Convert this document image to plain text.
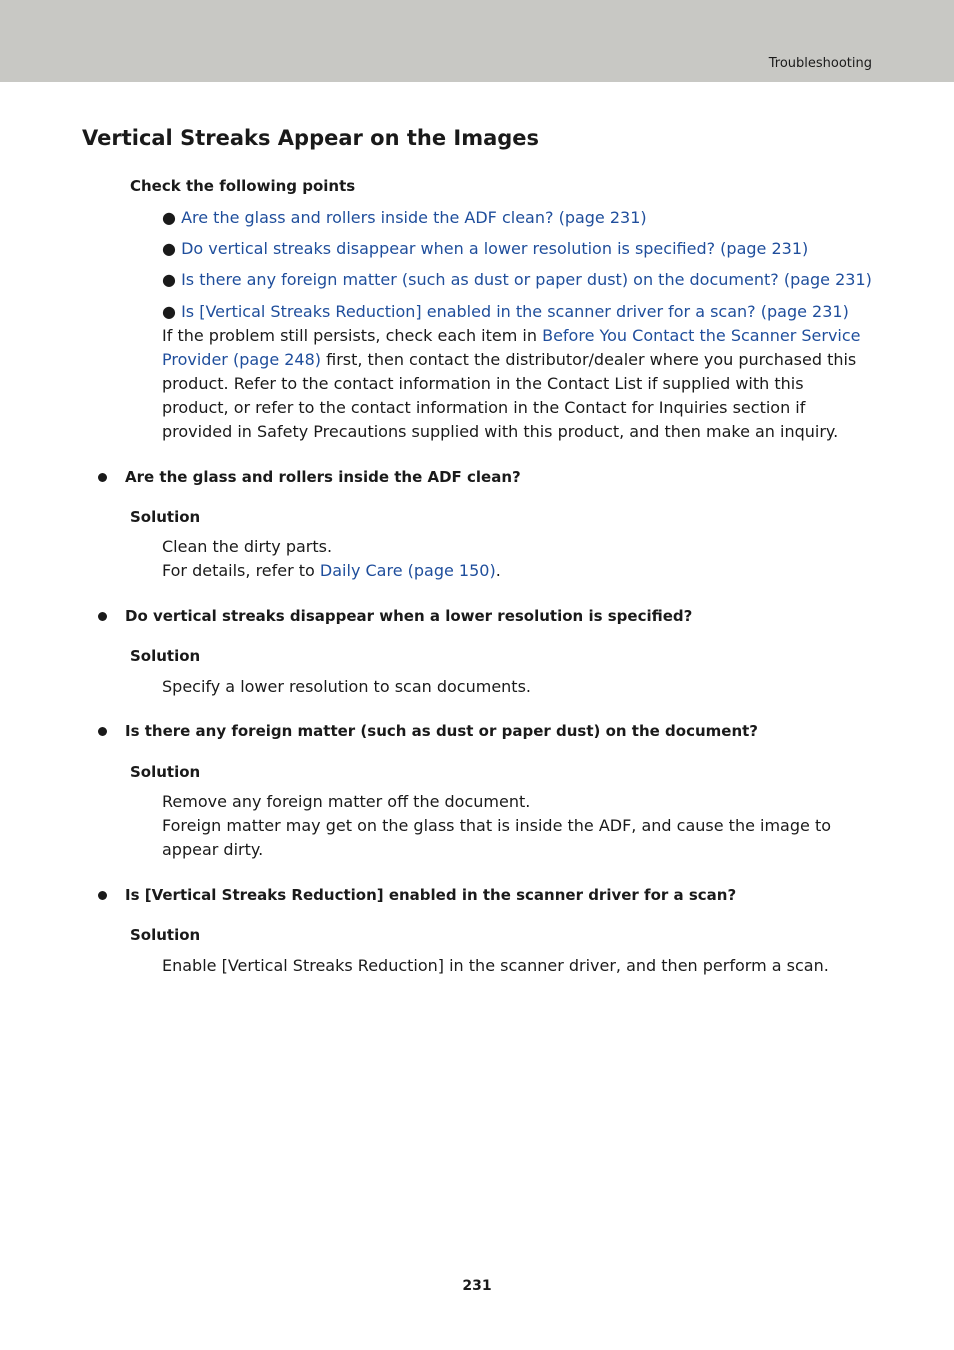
Troubleshooting
Vertical Streaks Appear on the Images
Check the following points
● Are the glass and rollers inside the ADF clean? (page 231)
● Do vertical streaks disappear when a lower resolution is specified? (page 231)
● Is there any foreign matter (such as dust or paper dust) on the document? (page 231)
● Is [Vertical Streaks Reduction] enabled in the scanner driver for a scan? (page 231)

If the problem still persists, check each item in Before You Contact the Scanner Service Provider (page 248) first, then contact the distributor/dealer where you purchased this product. Refer to the contact information in the Contact List if supplied with this product, or refer to the contact information in the Contact for Inquiries section if provided in Safety Precautions supplied with this product, and then make an inquiry.

Are the glass and rollers inside the ADF clean?
Solution
Clean the dirty parts.
For details, refer to Daily Care (page 150).
Do vertical streaks disappear when a lower resolution is specified?
Solution
Specify a lower resolution to scan documents.
Is there any foreign matter (such as dust or paper dust) on the document?
Solution
Remove any foreign matter off the document.

Foreign matter may get on the glass that is inside the ADF, and cause the image to appear dirty.

Is [Vertical Streaks Reduction] enabled in the scanner driver for a scan?
Solution
Enable [Vertical Streaks Reduction] in the scanner driver, and then perform a scan.
231
